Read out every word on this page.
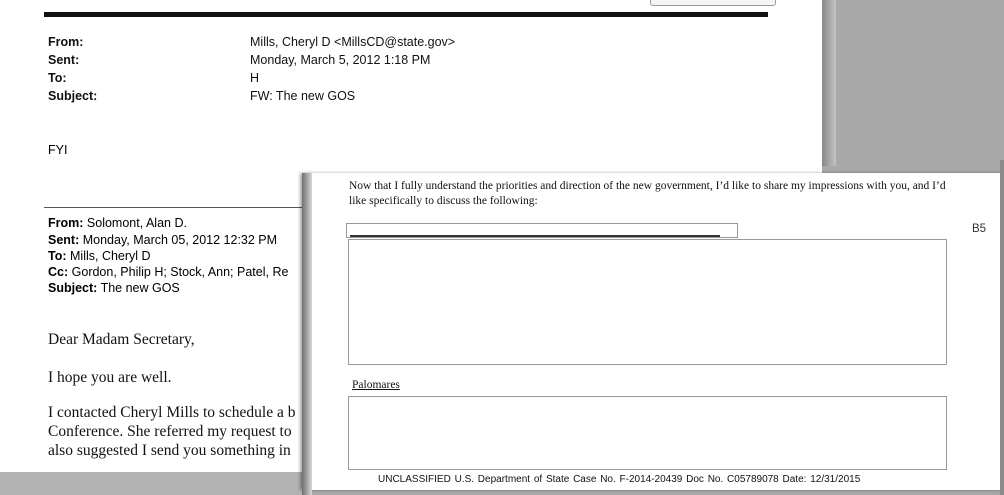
From:	Mills, Cheryl D <MillsCD@state.gov>
Sent:	Monday, March 5, 2012 1:18 PM
To:	H
Subject:	FW: The new GOS
FYI
From: Solomont, Alan D.
Sent: Monday, March 05, 2012 12:32 PM
To: Mills, Cheryl D
Cc: Gordon, Philip H; Stock, Ann; Patel, Re
Subject: The new GOS
Dear Madam Secretary,
I hope you are well.
I contacted Cheryl Mills to schedule a b
Conference. She referred my request to
also suggested I send you something in
Now that I fully understand the priorities and direction of the new government, I’d like to share my impressions with you, and I’d like specifically to discuss the following:
B5
Palomares
UNCLASSIFIED U.S. Department of State Case No. F-2014-20439 Doc No. C05789078 Date: 12/31/2015
